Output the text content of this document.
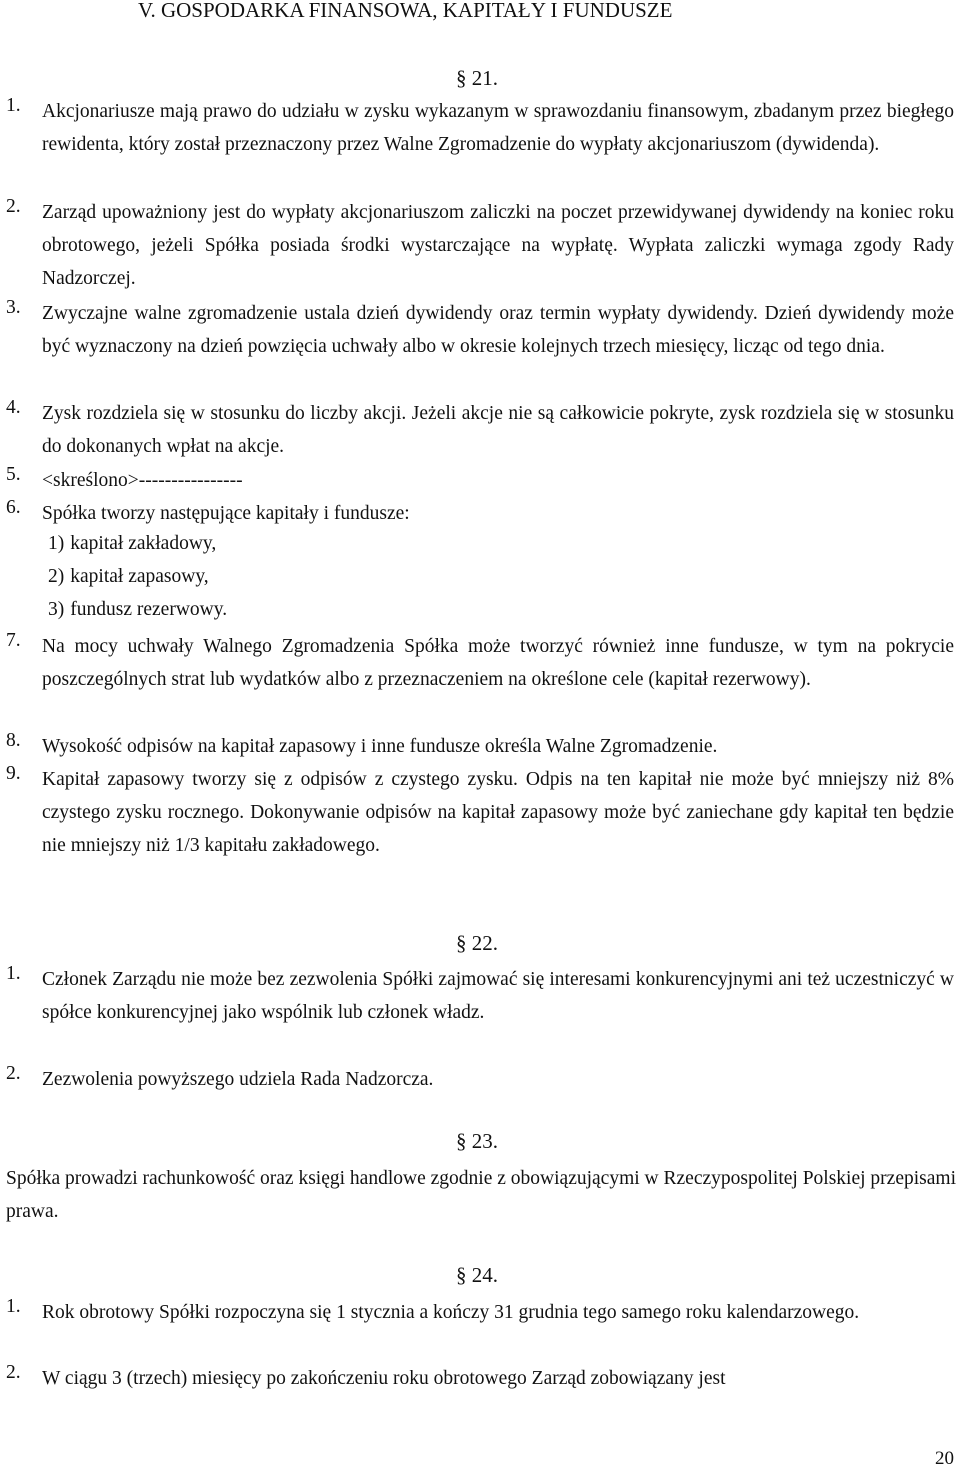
V. GOSPODARKA FINANSOWA, KAPITAŁY I FUNDUSZE
§ 21.
1. Akcjonariusze mają prawo do udziału w zysku wykazanym w sprawozdaniu finansowym, zbadanym przez biegłego rewidenta, który został przeznaczony przez Walne Zgromadzenie do wypłaty akcjonariuszom (dywidenda).

2. Zarząd upoważniony jest do wypłaty akcjonariuszom zaliczki na poczet przewidywanej dywidendy na koniec roku obrotowego, jeżeli Spółka posiada środki wystarczające na wypłatę. Wypłata zaliczki wymaga zgody Rady Nadzorczej.

3. Zwyczajne walne zgromadzenie ustala dzień dywidendy oraz termin wypłaty dywidendy. Dzień dywidendy może być wyznaczony na dzień powzięcia uchwały albo w okresie kolejnych trzech miesięcy, licząc od tego dnia.

4. Zysk rozdziela się w stosunku do liczby akcji. Jeżeli akcje nie są całkowicie pokryte, zysk rozdziela się w stosunku do dokonanych wpłat na akcje.

5. <skreślono>----------------

6. Spółka tworzy następujące kapitały i fundusze:

1) kapitał zakładowy,
2) kapitał zapasowy,
3) fundusz rezerwowy.
7. Na mocy uchwały Walnego Zgromadzenia Spółka może tworzyć również inne fundusze, w tym na pokrycie poszczególnych strat lub wydatków albo z przeznaczeniem na określone cele (kapitał rezerwowy).

8. Wysokość odpisów na kapitał zapasowy i inne fundusze określa Walne Zgromadzenie.

9. Kapitał zapasowy tworzy się z odpisów z czystego zysku. Odpis na ten kapitał nie może być mniejszy niż 8% czystego zysku rocznego. Dokonywanie odpisów na kapitał zapasowy może być zaniechane gdy kapitał ten będzie nie mniejszy niż 1/3 kapitału zakładowego.

§ 22.
1. Członek Zarządu nie może bez zezwolenia Spółki zajmować się interesami konkurencyjnymi ani też uczestniczyć w spółce konkurencyjnej jako wspólnik lub członek władz.

2. Zezwolenia powyższego udziela Rada Nadzorcza.

§ 23.

Spółka prowadzi rachunkowość oraz księgi handlowe zgodnie z obowiązującymi w Rzeczypospolitej Polskiej przepisami prawa.

§ 24.
1. Rok obrotowy Spółki rozpoczyna się 1 stycznia a kończy 31 grudnia tego samego roku kalendarzowego.

2. W ciągu 3 (trzech) miesięcy po zakończeniu roku obrotowego Zarząd zobowiązany jest

20
